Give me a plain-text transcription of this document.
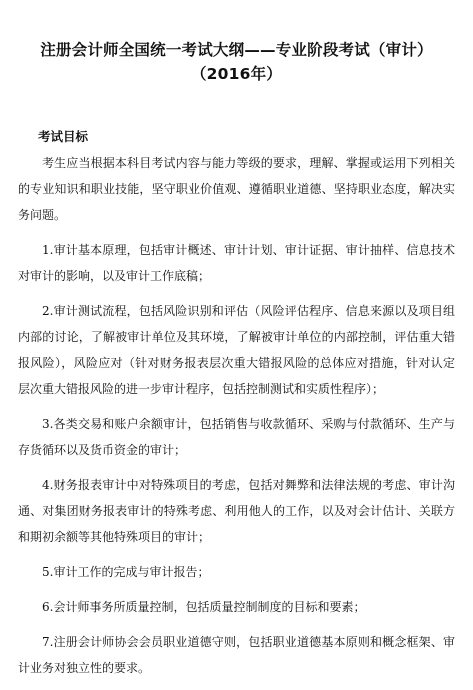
注册会计师全国统一考试大纲——专业阶段考试（审计）
（2016年）
考试目标

考生应当根据本科目考试内容与能力等级的要求，理解、掌握或运用下列相关的专业知识和职业技能，坚守职业价值观、遵循职业道德、坚持职业态度，解决实务问题。

1.审计基本原理，包括审计概述、审计计划、审计证据、审计抽样、信息技术对审计的影响，以及审计工作底稿；

2.审计测试流程，包括风险识别和评估（风险评估程序、信息来源以及项目组内部的讨论，了解被审计单位及其环境，了解被审计单位的内部控制，评估重大错报风险），风险应对（针对财务报表层次重大错报风险的总体应对措施，针对认定层次重大错报风险的进一步审计程序，包括控制测试和实质性程序）；

3.各类交易和账户余额审计，包括销售与收款循环、采购与付款循环、生产与存货循环以及货币资金的审计；

4.财务报表审计中对特殊项目的考虑，包括对舞弊和法律法规的考虑、审计沟通、对集团财务报表审计的特殊考虑、利用他人的工作，以及对会计估计、关联方和期初余额等其他特殊项目的审计；

5.审计工作的完成与审计报告；

6.会计师事务所质量控制，包括质量控制制度的目标和要素；

7.注册会计师协会会员职业道德守则，包括职业道德基本原则和概念框架、审计业务对独立性的要求。
